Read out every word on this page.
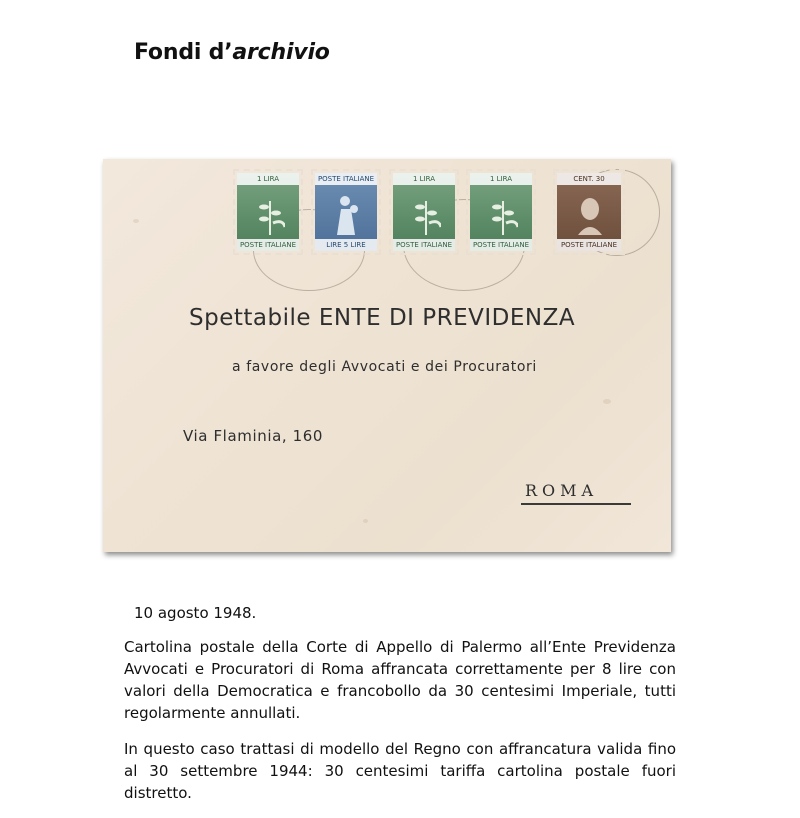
Fondi d’archivio
1 LIRA
POSTE ITALIANE
POSTE ITALIANE
LIRE 5 LIRE
1 LIRA
POSTE ITALIANE
1 LIRA
POSTE ITALIANE
CENT. 30
POSTE ITALIANE
Spettabile ENTE DI PREVIDENZA
a favore degli Avvocati e dei Procuratori
Via Flaminia, 160
ROMA
10 agosto 1948.
Cartolina postale della Corte di Appello di Palermo all’Ente Previdenza Avvocati e Procuratori di Roma affrancata correttamente per 8 lire con valori della Democratica e francobollo da 30 centesimi Imperiale, tutti regolarmente annullati.
In questo caso trattasi di modello del Regno con affrancatura valida fino al 30 settembre 1944: 30 centesimi tariffa cartolina postale fuori distretto.
